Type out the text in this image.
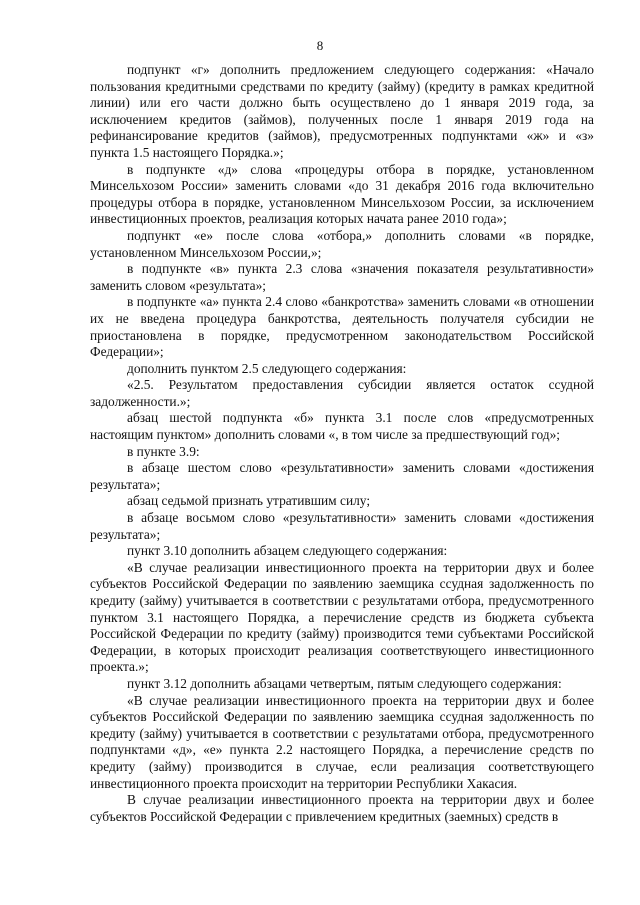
8

подпункт «г» дополнить предложением следующего содержания: «Начало пользования кредитными средствами по кредиту (займу) (кредиту в рамках кредитной линии) или его части должно быть осуществлено до 1 января 2019 года, за исключением кредитов (займов), полученных после 1 января 2019 года на рефинансирование кредитов (займов), предусмотренных подпунктами «ж» и «з» пункта 1.5 настоящего Порядка.»;

в подпункте «д» слова «процедуры отбора в порядке, установленном Минсельхозом России» заменить словами «до 31 декабря 2016 года включительно процедуры отбора в порядке, установленном Минсельхозом России, за исключением инвестиционных проектов, реализация которых начата ранее 2010 года»;

подпункт «е» после слова «отбора,» дополнить словами «в порядке, установленном Минсельхозом России,»;

в подпункте «в» пункта 2.3 слова «значения показателя результативности» заменить словом «результата»;

в подпункте «а» пункта 2.4 слово «банкротства» заменить словами «в отношении их не введена процедура банкротства, деятельность получателя субсидии не приостановлена в порядке, предусмотренном законодательством Российской Федерации»;

дополнить пунктом 2.5 следующего содержания:

«2.5. Результатом предоставления субсидии является остаток ссудной задолженности.»;

абзац шестой подпункта «б» пункта 3.1 после слов «предусмотренных настоящим пунктом» дополнить словами «, в том числе за предшествующий год»;

в пункте 3.9:

в абзаце шестом слово «результативности» заменить словами «достижения результата»;

абзац седьмой признать утратившим силу;

в абзаце восьмом слово «результативности» заменить словами «достижения результата»;

пункт 3.10 дополнить абзацем следующего содержания:

«В случае реализации инвестиционного проекта на территории двух и более субъектов Российской Федерации по заявлению заемщика ссудная задолженность по кредиту (займу) учитывается в соответствии с результатами отбора, предусмотренного пунктом 3.1 настоящего Порядка, а перечисление средств из бюджета субъекта Российской Федерации по кредиту (займу) производится теми субъектами Российской Федерации, в которых происходит реализация соответствующего инвестиционного проекта.»;

пункт 3.12 дополнить абзацами четвертым, пятым следующего содержания:

«В случае реализации инвестиционного проекта на территории двух и более субъектов Российской Федерации по заявлению заемщика ссудная задолженность по кредиту (займу) учитывается в соответствии с результатами отбора, предусмотренного подпунктами «д», «е» пункта 2.2 настоящего Порядка, а перечисление средств по кредиту (займу) производится в случае, если реализация соответствующего инвестиционного проекта происходит на территории Республики Хакасия.

В случае реализации инвестиционного проекта на территории двух и более субъектов Российской Федерации с привлечением кредитных (заемных) средств в
